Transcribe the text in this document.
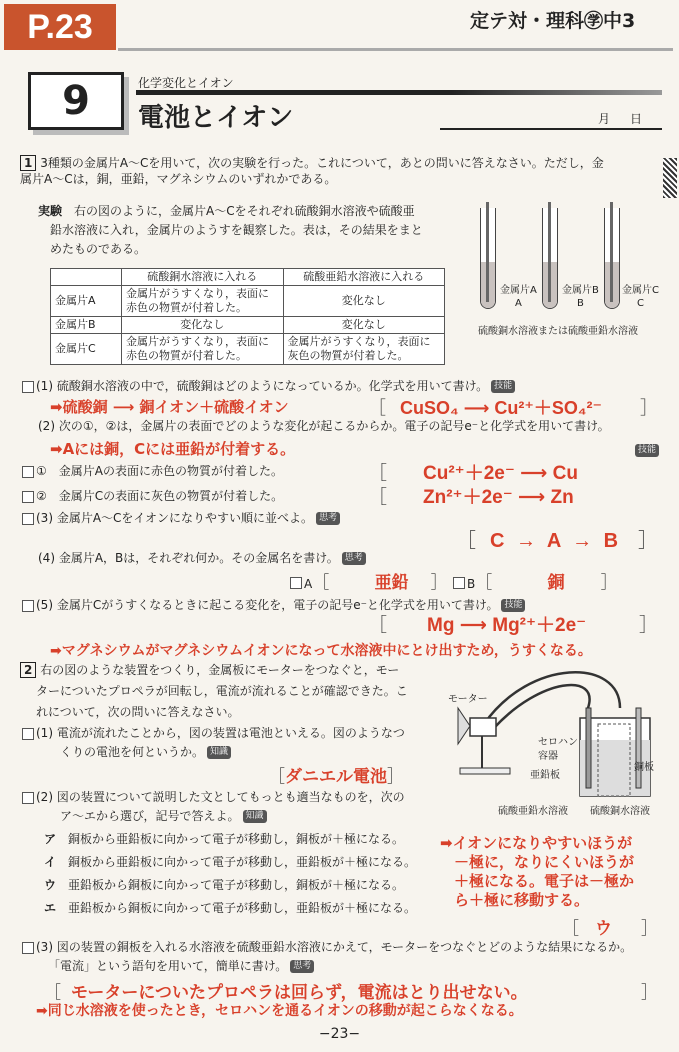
P.23	定テ対・理科㊫中3
9	化学変化とイオン
電池とイオン	月 日
1 3種類の金属片A～Cを用いて，次の実験を行った。これについて，あとの問いに答えなさい。ただし，金
属片A～Cは，銅，亜鉛，マグネシウムのいずれかである。
実験　 右の図のように，金属片A～Cをそれぞれ硫酸銅水溶液や硫酸亜
鉛水溶液に入れ，金属片のようすを観察した。表は，その結果をまと
めたものである。
	硫酸銅水溶液に入れる	硫酸亜鉛水溶液に入れる
金属片A	金属片がうすくなり，表面に赤色の物質が付着した。	変化なし
金属片B	変化なし	変化なし
金属片C	金属片がうすくなり，表面に赤色の物質が付着した。	金属片がうすくなり，表面に灰色の物質が付着した。
金属片A
A
金属片B
B
金属片C
C
硫酸銅水溶液または硫酸亜鉛水溶液
(1) 硫酸銅水溶液の中で，硫酸銅はどのようになっているか。化学式を用いて書け。 技能
➡硫酸銅 ⟶ 銅イオン＋硫酸イオン	［ CuSO₄ ⟶ Cu²⁺＋SO₄²⁻ ］
(2) 次の①，②は，金属片の表面でどのような変化が起こるからか。電子の記号e⁻と化学式を用いて書け。
➡Aには銅，Cには亜鉛が付着する。	技能
①　 金属片Aの表面に赤色の物質が付着した。	［ Cu²⁺＋2e⁻ ⟶ Cu
②　 金属片Cの表面に灰色の物質が付着した。	［ Zn²⁺＋2e⁻ ⟶ Zn
(3) 金属片A～Cをイオンになりやすい順に並べよ。 思考
［ C → A → B ］
(4) 金属片A，Bは，それぞれ何か。その金属名を書け。 思考
A［	亜鉛 ］ B［	銅 ］
(5) 金属片Cがうすくなるときに起こる変化を，電子の記号e⁻と化学式を用いて書け。 技能
［ Mg ⟶ Mg²⁺＋2e⁻	］
➡マグネシウムがマグネシウムイオンになって水溶液中にとけ出すため，うすくなる。
2 右の図のような装置をつくり，金属板にモーターをつなぐと，モー
ターについたプロペラが回転し，電流が流れることが確認できた。こ
れについて，次の問いに答えなさい。
モーター
セロハン
容器
亜鉛板
銅板
硫酸亜鉛水溶液 硫酸銅水溶液
(1) 電流が流れたことから，図の装置は電池といえる。図のようなつ
くりの電池を何というか。 知識
［ダニエル電池］
(2) 図の装置について説明した文としてもっとも適当なものを，次の
ア～エから選び，記号で答えよ。 知識
ア　 銅板から亜鉛板に向かって電子が移動し，銅板が＋極になる。
イ　 銅板から亜鉛板に向かって電子が移動し，亜鉛板が＋極になる。
ウ　 亜鉛板から銅板に向かって電子が移動し，銅板が＋極になる。
エ　 亜鉛板から銅板に向かって電子が移動し，亜鉛板が＋極になる。
➡イオンになりやすいほうが
－極に，なりにくいほうが
＋極になる。電子は－極か
ら＋極に移動する。
［ ウ ］
(3) 図の装置の銅板を入れる水溶液を硫酸亜鉛水溶液にかえて，モーターをつなぐとどのような結果になるか。
「電流」という語句を用いて，簡単に書け。 思考
［ モーターについたプロペラは回らず，電流はとり出せない。	］
➡同じ水溶液を使ったとき，セロハンを通るイオンの移動が起こらなくなる。
−23−
